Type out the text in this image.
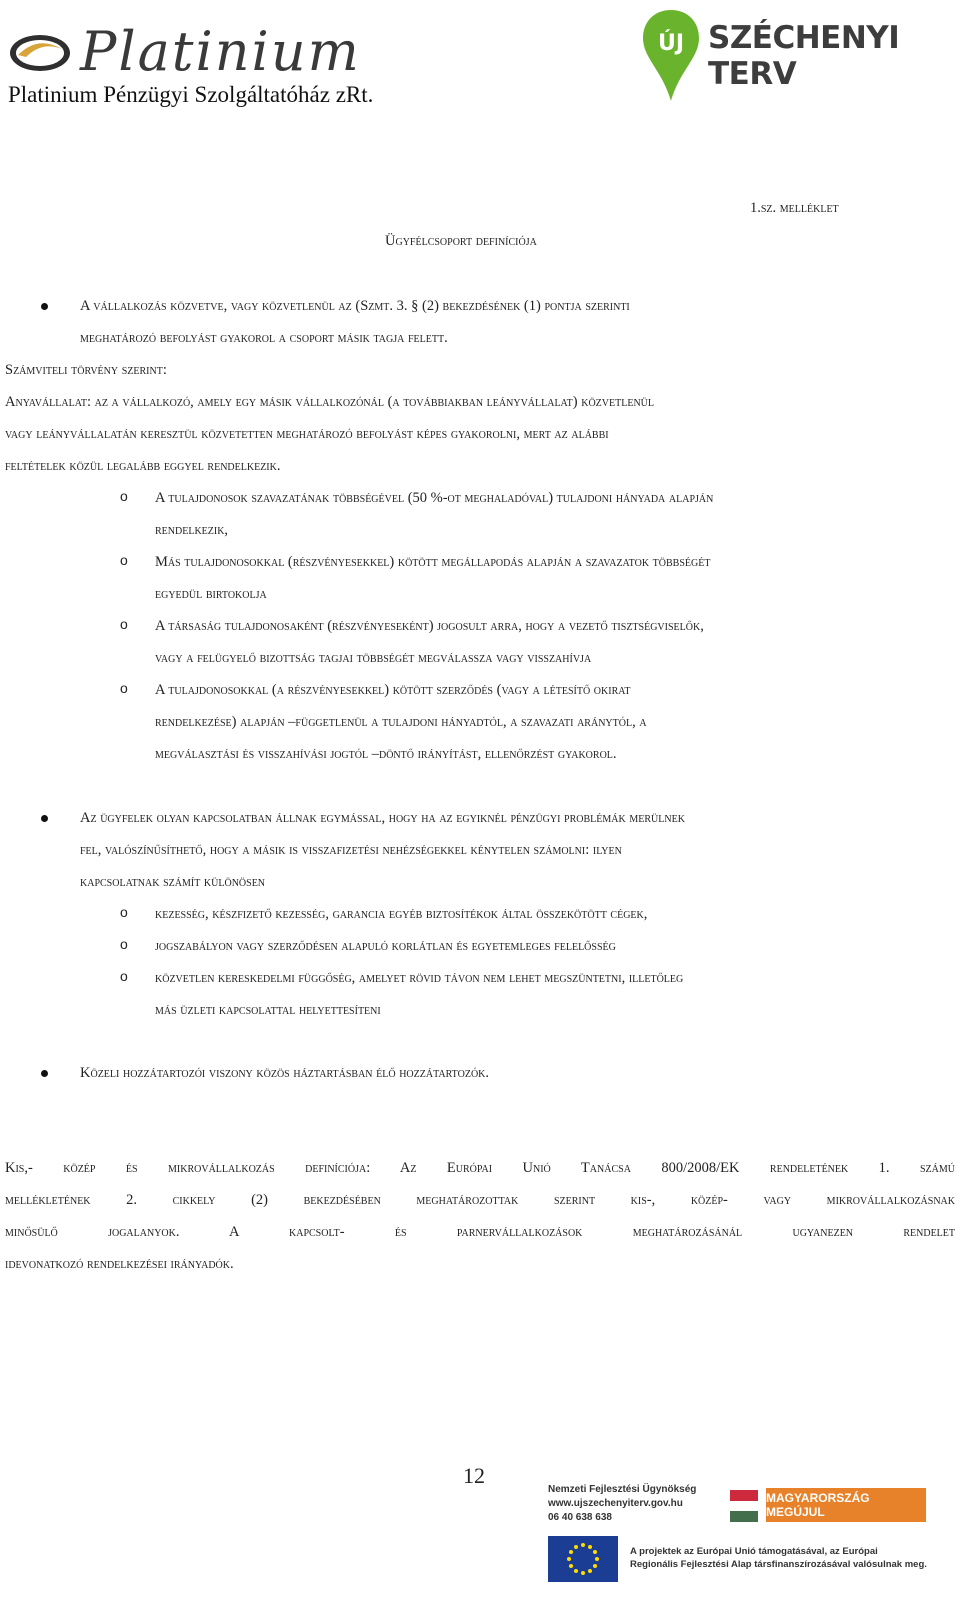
Platinium
Platinium Pénzügyi Szolgáltatóház zRt.
ÚJ SZÉCHENYI TERV
1.sz. melléklet
Ügyfélcsoport definíciója
A vállalkozás közvetve, vagy közvetlenül az (Szmt. 3. § (2) bekezdésének (1) pontja szerinti
meghatározó befolyást gyakorol a csoport másik tagja felett.
Számviteli törvény szerint:
Anyavállalat: az a vállalkozó, amely egy másik vállalkozónál (a továbbiakban leányvállalat) közvetlenül
vagy leányvállalatán keresztül közvetetten meghatározó befolyást képes gyakorolni, mert az alábbi
feltételek közül legalább eggyel rendelkezik.
o A tulajdonosok szavazatának többségével (50 %-ot meghaladóval) tulajdoni hányada alapján
rendelkezik,
o Más tulajdonosokkal (részvényesekkel) kötött megállapodás alapján a szavazatok többségét
egyedül birtokolja
o A társaság tulajdonosaként (részvényeseként) jogosult arra, hogy a vezető tisztségviselők,
vagy a felügyelő bizottság tagjai többségét megválassza vagy visszahívja
o A tulajdonosokkal (a részvényesekkel) kötött szerződés (vagy a létesítő okirat
rendelkezése) alapján –függetlenül a tulajdoni hányadtól, a szavazati aránytól, a
megválasztási és visszahívási jogtól –döntő irányítást, ellenőrzést gyakorol.
Az ügyfelek olyan kapcsolatban állnak egymással, hogy ha az egyiknél pénzügyi problémák merülnek
fel, valószínűsíthető, hogy a másik is visszafizetési nehézségekkel kénytelen számolni: ilyen
kapcsolatnak számít különösen
o kezesség, készfizető kezesség, garancia egyéb biztosítékok által összekötött cégek,
o jogszabályon vagy szerződésen alapuló korlátlan és egyetemleges felelősség
o közvetlen kereskedelmi függőség, amelyet rövid távon nem lehet megszüntetni, illetőleg
más üzleti kapcsolattal helyettesíteni
Közeli hozzátartozói viszony közös háztartásban élő hozzátartozók.
Kis,- közép és mikrovállalkozás definíciója: Az Európai Unió Tanácsa 800/2008/EK rendeletének 1. számú
mellékletének 2. cikkely (2) bekezdésében meghatározottak szerint kis-, közép- vagy mikrovállalkozásnak
minősülő jogalanyok. A kapcsolt- és parnervállalkozások meghatározásánál ugyanezen rendelet
idevonatkozó rendelkezései irányadók.
12
Nemzeti Fejlesztési Ügynökség
www.ujszechenyiterv.gov.hu
06 40 638 638
MAGYARORSZÁG MEGÚJUL
A projektek az Európai Unió támogatásával, az Európai
Regionális Fejlesztési Alap társfinanszírozásával valósulnak meg.
